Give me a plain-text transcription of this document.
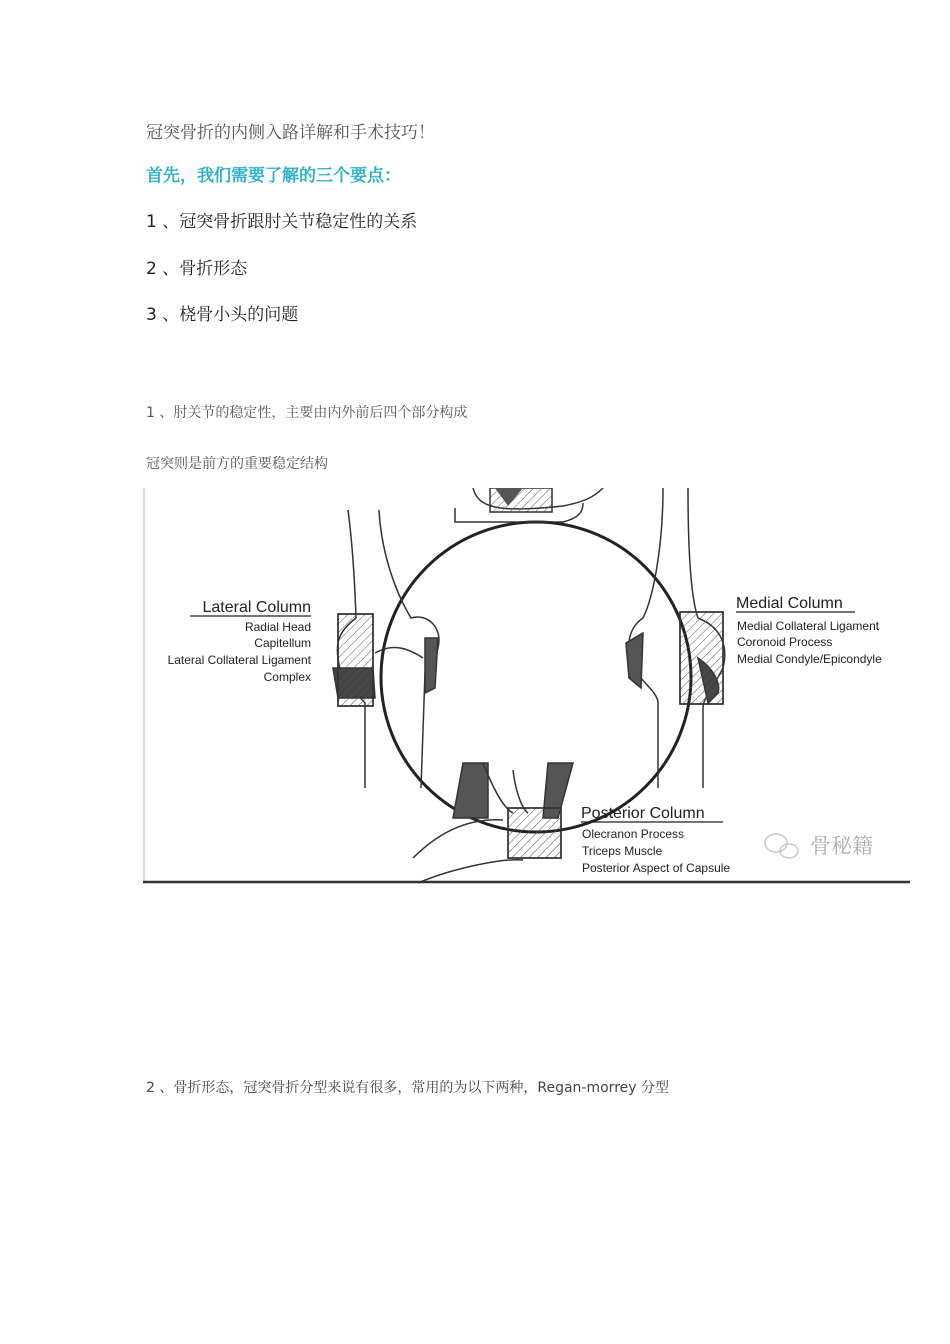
冠突骨折的内侧入路详解和手术技巧！
首先，我们需要了解的三个要点：
1 、冠突骨折跟肘关节稳定性的关系
2 、骨折形态
3 、桡骨小头的问题
1 、肘关节的稳定性，主要由内外前后四个部分构成
冠突则是前方的重要稳定结构
Lateral Column
Radial Head
Capitellum
Lateral Collateral Ligament
Complex
Medial Column
Medial Collateral Ligament
Coronoid Process
Medial Condyle/Epicondyle
Posterior Column
Olecranon Process
Triceps Muscle
Posterior Aspect of Capsule
骨秘籍
2 、骨折形态，冠突骨折分型来说有很多，常用的为以下两种，Regan-morrey 分型
